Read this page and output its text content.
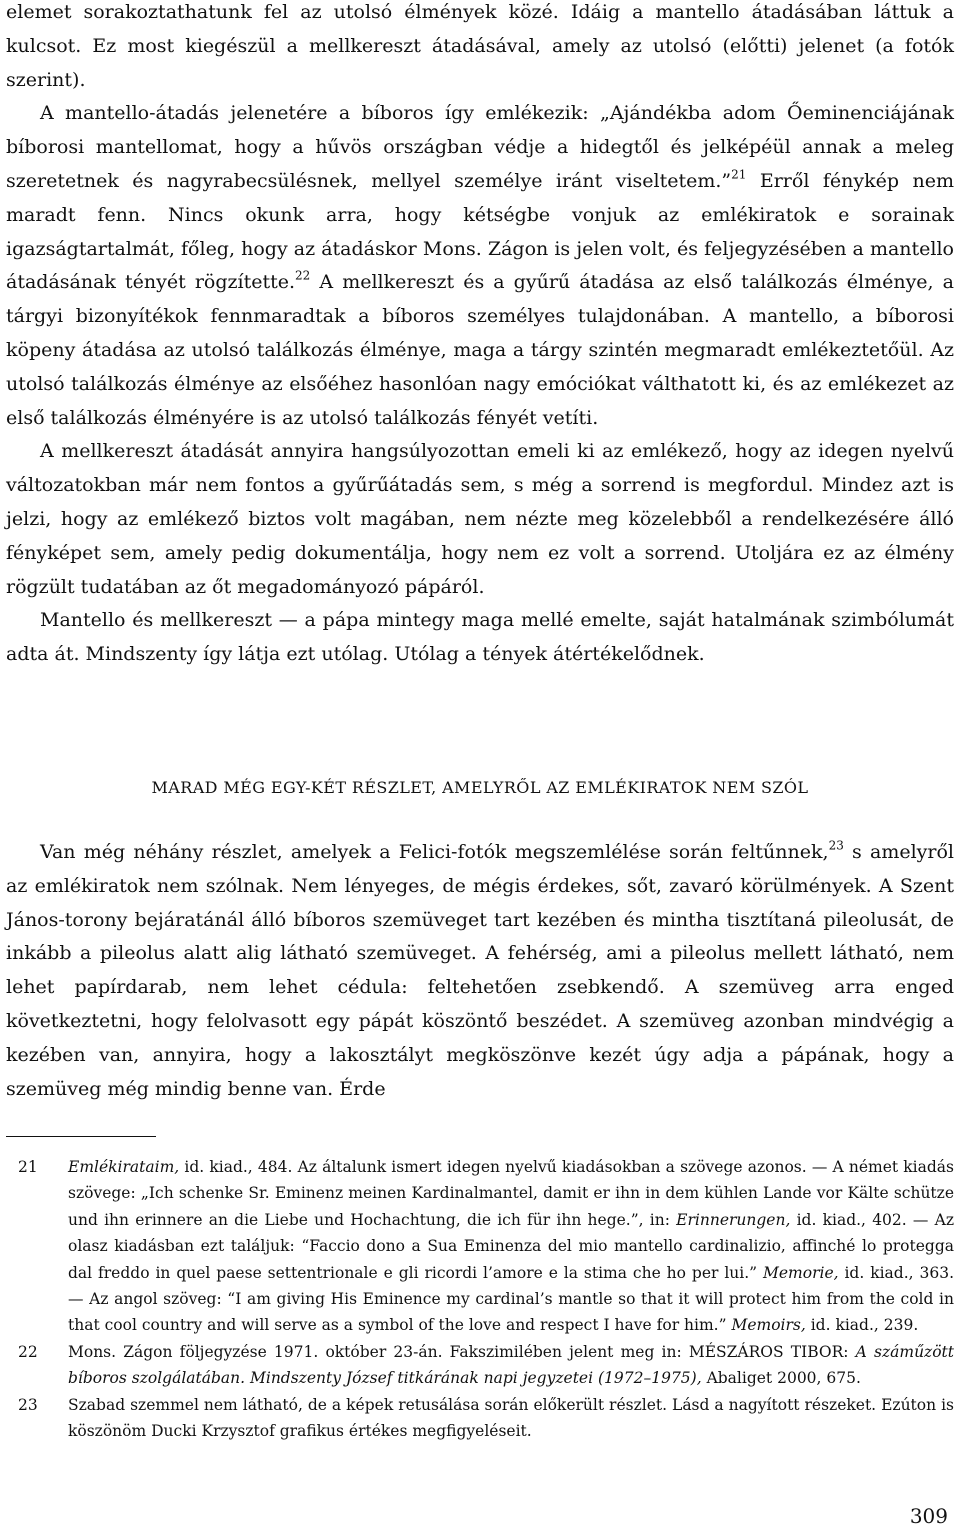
elemet sorakoztathatunk fel az utolsó élmények közé. Idáig a mantello átadásában láttuk a kulcsot. Ez most kiegészül a mellkereszt átadásával, amely az utolsó (előtti) jelenet (a fotók szerint).

A mantello-átadás jelenetére a bíboros így emlékezik: „Ajándékba adom Őeminenciájának bíborosi mantellomat, hogy a hűvös országban védje a hidegtől és jelképéül annak a meleg szeretetnek és nagyrabecsülésnek, mellyel személye iránt viseltetem.”$^{21}$ Erről fénykép nem maradt fenn. Nincs okunk arra, hogy kétségbe vonjuk az emlékiratok e sorainak igazságtartalmát, főleg, hogy az átadáskor Mons. Zágon is jelen volt, és feljegyzésében a mantello átadásának tényét rögzítette.$^{22}$ A mellkereszt és a gyűrű átadása az első találkozás élménye, a tárgyi bizonyítékok fennmaradtak a bíboros személyes tulajdonában. A mantello, a bíborosi köpeny átadása az utolsó találkozás élménye, maga a tárgy szintén megmaradt emlékeztetőül. Az utolsó találkozás élménye az elsőéhez hasonlóan nagy emóciókat válthatott ki, és az emlékezet az első találkozás élményére is az utolsó találkozás fényét vetíti.

A mellkereszt átadását annyira hangsúlyozottan emeli ki az emlékező, hogy az idegen nyelvű változatokban már nem fontos a gyűrűátadás sem, s még a sorrend is megfordul. Mindez azt is jelzi, hogy az emlékező biztos volt magában, nem nézte meg közelebből a rendelkezésére álló fényképet sem, amely pedig dokumentálja, hogy nem ez volt a sorrend. Utoljára ez az élmény rögzült tudatában az őt megadományozó pápáról.

Mantello és mellkereszt — a pápa mintegy maga mellé emelte, saját hatalmának szimbólumát adta át. Mindszenty így látja ezt utólag. Utólag a tények átértékelődnek.

MARAD MÉG EGY-KÉT RÉSZLET, AMELYRŐL AZ EMLÉKIRATOK NEM SZÓL

Van még néhány részlet, amelyek a Felici-fotók megszemlélése során feltűnnek,$^{23}$ s amelyről az emlékiratok nem szólnak. Nem lényeges, de mégis érdekes, sőt, zavaró körülmények. A Szent János-torony bejáratánál álló bíboros szemüveget tart kezében és mintha tisztítaná pileolusát, de inkább a pileolus alatt alig látható szemüveget. A fehérség, ami a pileolus mellett látható, nem lehet papírdarab, nem lehet cédula: feltehetően zsebkendő. A szemüveg arra enged következtetni, hogy felolvasott egy pápát köszöntő beszédet. A szemüveg azonban mindvégig a kezében van, annyira, hogy a lakosztályt megköszönve kezét úgy adja a pápának, hogy a szemüveg még mindig benne van. Érde

21	Emlékirataim, id. kiad., 484. Az általunk ismert idegen nyelvű kiadásokban a szövege azonos. — A német kiadás szövege: „Ich schenke Sr. Eminenz meinen Kardinalmantel, damit er ihn in dem kühlen Lande vor Kälte schütze und ihn erinnere an die Liebe und Hochachtung, die ich für ihn hege.”, in: Erinnerungen, id. kiad., 402. — Az olasz kiadásban ezt találjuk: “Faccio dono a Sua Eminenza del mio mantello cardinalizio, affinché lo protegga dal freddo in quel paese settentrionale e gli ricordi l’amore e la stima che ho per lui.” Memorie, id. kiad., 363. — Az angol szöveg: “I am giving His Eminence my cardinal’s mantle so that it will protect him from the cold in that cool country and will serve as a symbol of the love and respect I have for him.” Memoirs, id. kiad., 239.
22	Mons. Zágon följegyzése 1971. október 23-án. Fakszimilében jelent meg in: MÉSZÁROS TIBOR: A száműzött bíboros szolgálatában. Mindszenty József titkárának napi jegyzetei (1972–1975), Abaliget 2000, 675.
23	Szabad szemmel nem látható, de a képek retusálása során előkerült részlet. Lásd a nagyított részeket. Ezúton is köszönöm Ducki Krzysztof grafikus értékes megfigyeléseit.
309
